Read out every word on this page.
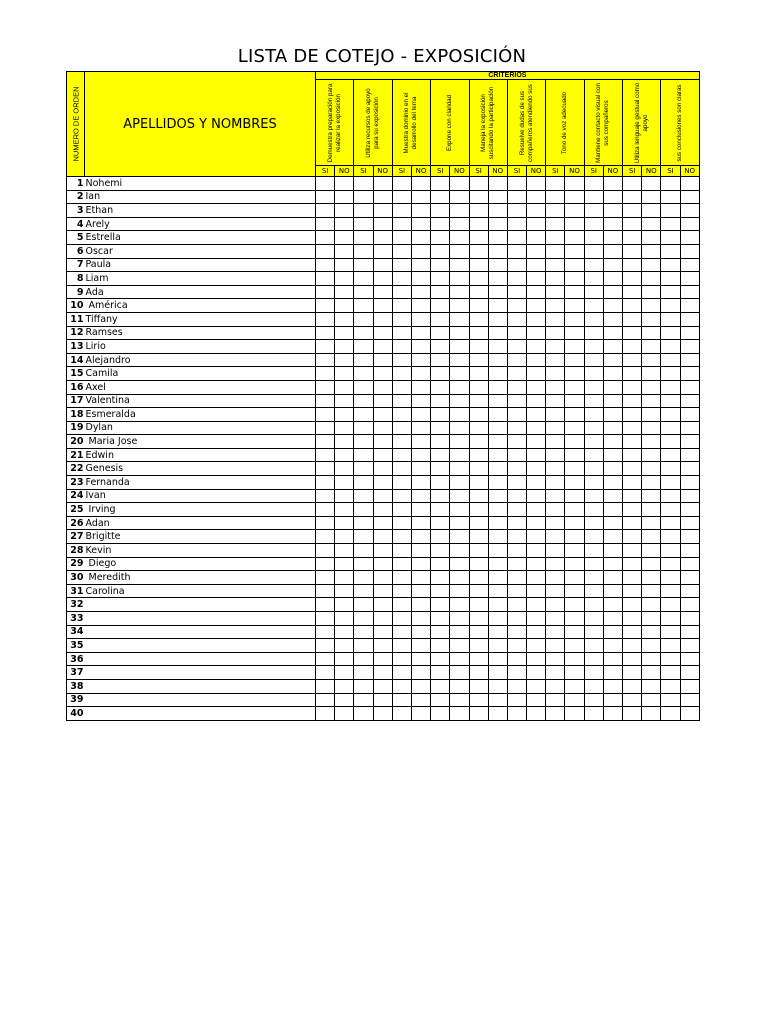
LISTA DE COTEJO - EXPOSICIÓN
NUMERO DE ORDEN	APELLIDOS Y NOMBRES	CRITERIOS																			

		Demuestra preparación para realizar la exposición		Utiliza recursos de apoyo para su exposición		Muestra dominio en el desarrollo del tema		Expone con claridad		Maneja la exposición suscitando la participación		Resuelve dudas de sus compañeros atendiendo sus		Tono de voz adecuado		Mantiene contacto visual con sus compañeros		Utiliza lenguaje gestual como apoyo		sus conclusiones son claras	

		SI	NO	SI	NO	SI	NO	SI	NO	SI	NO	SI	NO	SI	NO	SI	NO	SI	NO	SI	NO
1	Nohemi																				
2	Ian																				
3	Ethan																				
4	Arely																				
5	Estrella																				
6	Oscar																				
7	Paula																				
8	Liam																				
9	Ada																				
10	América																				
11	Tiffany																				
12	Ramses																				
13	Lirio																				
14	Alejandro																				
15	Camila																				
16	Axel																				
17	Valentina																				
18	Esmeralda																				
19	Dylan																				
20	Maria Jose																				
21	Edwin																				
22	Genesis																				
23	Fernanda																				
24	Ivan																				
25	Irving																				
26	Adan																				
27	Brigitte																				
28	Kevin																				
29	Diego																				
30	Meredith																				
31	Carolina																				
32																					
33																					
34																					
35																					
36																					
37																					
38																					
39																					
40																					
